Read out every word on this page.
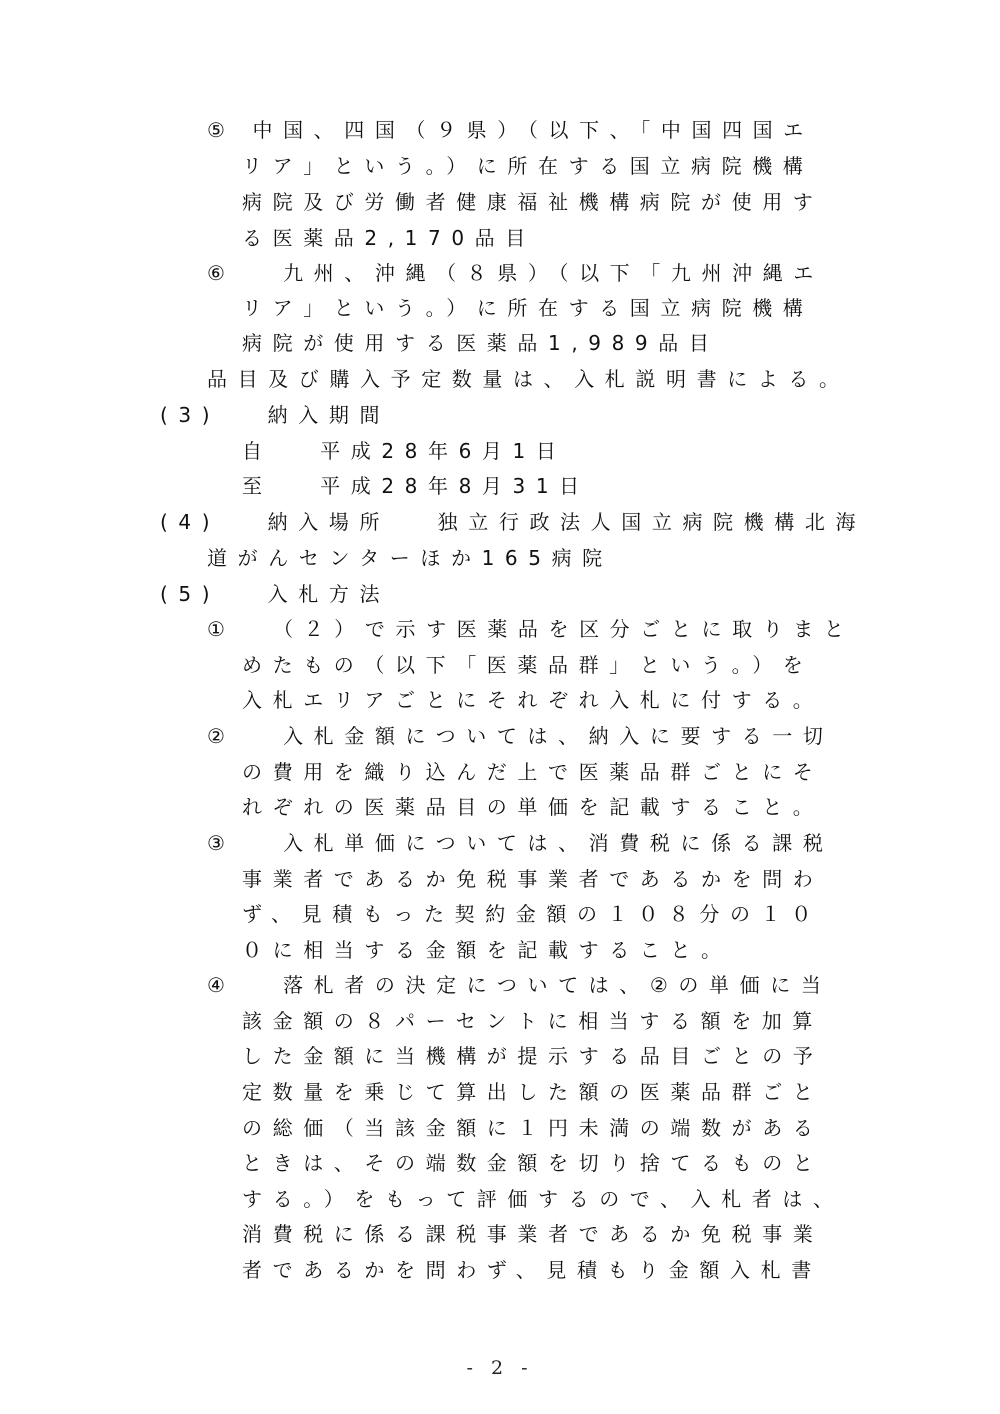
⑤ 中国、四国（９県）（以下、「中国四国エ
リア」という。）に所在する国立病院機構
病院及び労働者健康福祉機構病院が使用す
る医薬品2,170品目
⑥ 　九州、沖縄（８県）（以下「九州沖縄エ
リア」という。）に所在する国立病院機構
病院が使用する医薬品1,989品目
品目及び購入予定数量は、入札説明書による。
(3) 　納入期間
自 　平成28年6月1日
至 　平成28年8月31日
(4) 　納入場所 　独立行政法人国立病院機構北海
道がんセンターほか165病院
(5) 　入札方法
① 　（２）で示す医薬品を区分ごとに取りまと
めたもの（以下「医薬品群」という。）を
入札エリアごとにそれぞれ入札に付する。
② 　入札金額については、納入に要する一切
の費用を織り込んだ上で医薬品群ごとにそ
れぞれの医薬品目の単価を記載すること。
③ 　入札単価については、消費税に係る課税
事業者であるか免税事業者であるかを問わ
ず、見積もった契約金額の１０８分の１０
０に相当する金額を記載すること。
④ 　落札者の決定については、②の単価に当
該金額の８パーセントに相当する額を加算
した金額に当機構が提示する品目ごとの予
定数量を乗じて算出した額の医薬品群ごと
の総価（当該金額に１円未満の端数がある
ときは、その端数金額を切り捨てるものと
する。）をもって評価するので、入札者は、
消費税に係る課税事業者であるか免税事業
者であるかを問わず、見積もり金額入札書
- 2 -
